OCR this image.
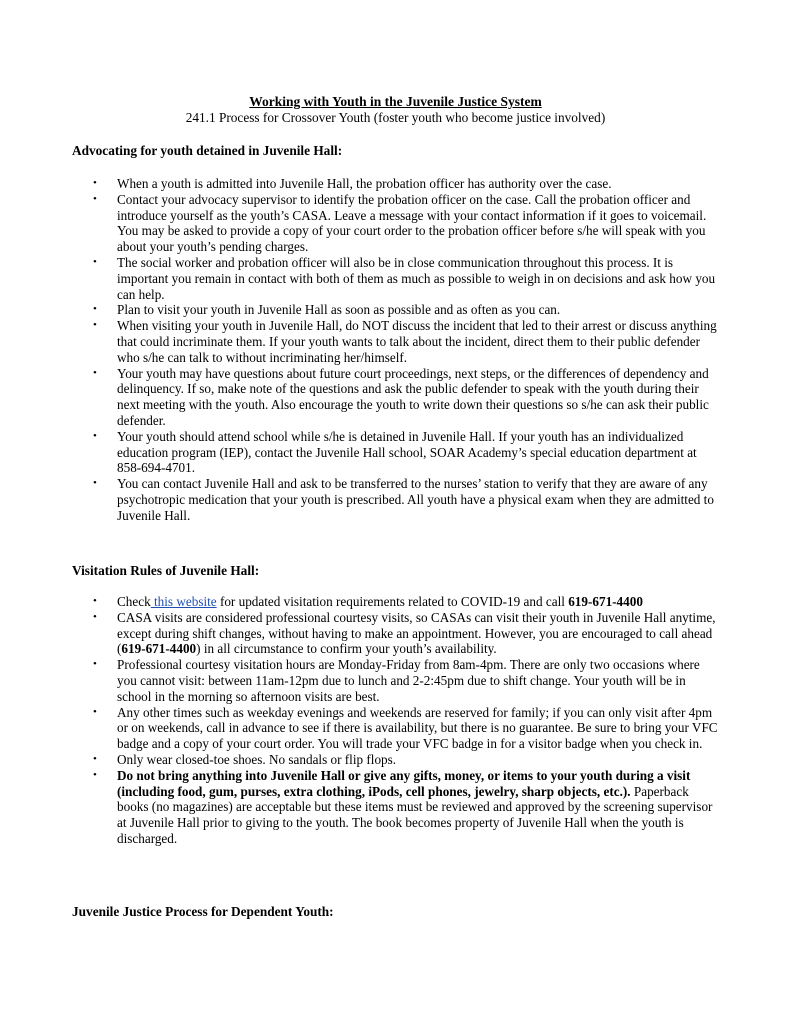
Working with Youth in the Juvenile Justice System
241.1 Process for Crossover Youth (foster youth who become justice involved)
Advocating for youth detained in Juvenile Hall:
• When a youth is admitted into Juvenile Hall, the probation officer has authority over the case.
• Contact your advocacy supervisor to identify the probation officer on the case. Call the probation officer and introduce yourself as the youth’s CASA. Leave a message with your contact information if it goes to voicemail. You may be asked to provide a copy of your court order to the probation officer before s/he will speak with you about your youth’s pending charges.
• The social worker and probation officer will also be in close communication throughout this process. It is important you remain in contact with both of them as much as possible to weigh in on decisions and ask how you can help.
• Plan to visit your youth in Juvenile Hall as soon as possible and as often as you can.
• When visiting your youth in Juvenile Hall, do NOT discuss the incident that led to their arrest or discuss anything that could incriminate them. If your youth wants to talk about the incident, direct them to their public defender who s/he can talk to without incriminating her/himself.
• Your youth may have questions about future court proceedings, next steps, or the differences of dependency and delinquency. If so, make note of the questions and ask the public defender to speak with the youth during their next meeting with the youth. Also encourage the youth to write down their questions so s/he can ask their public defender.
• Your youth should attend school while s/he is detained in Juvenile Hall. If your youth has an individualized education program (IEP), contact the Juvenile Hall school, SOAR Academy’s special education department at 858-694-4701.
• You can contact Juvenile Hall and ask to be transferred to the nurses’ station to verify that they are aware of any psychotropic medication that your youth is prescribed. All youth have a physical exam when they are admitted to Juvenile Hall.
Visitation Rules of Juvenile Hall:
• Check this website for updated visitation requirements related to COVID-19 and call 619-671-4400
• CASA visits are considered professional courtesy visits, so CASAs can visit their youth in Juvenile Hall anytime, except during shift changes, without having to make an appointment. However, you are encouraged to call ahead (619-671-4400) in all circumstance to confirm your youth’s availability.
• Professional courtesy visitation hours are Monday-Friday from 8am-4pm. There are only two occasions where you cannot visit: between 11am-12pm due to lunch and 2-2:45pm due to shift change. Your youth will be in school in the morning so afternoon visits are best.
• Any other times such as weekday evenings and weekends are reserved for family; if you can only visit after 4pm or on weekends, call in advance to see if there is availability, but there is no guarantee. Be sure to bring your VFC badge and a copy of your court order. You will trade your VFC badge in for a visitor badge when you check in.
• Only wear closed-toe shoes. No sandals or flip flops.
• Do not bring anything into Juvenile Hall or give any gifts, money, or items to your youth during a visit (including food, gum, purses, extra clothing, iPods, cell phones, jewelry, sharp objects, etc.). Paperback books (no magazines) are acceptable but these items must be reviewed and approved by the screening supervisor at Juvenile Hall prior to giving to the youth. The book becomes property of Juvenile Hall when the youth is discharged.
Juvenile Justice Process for Dependent Youth:
